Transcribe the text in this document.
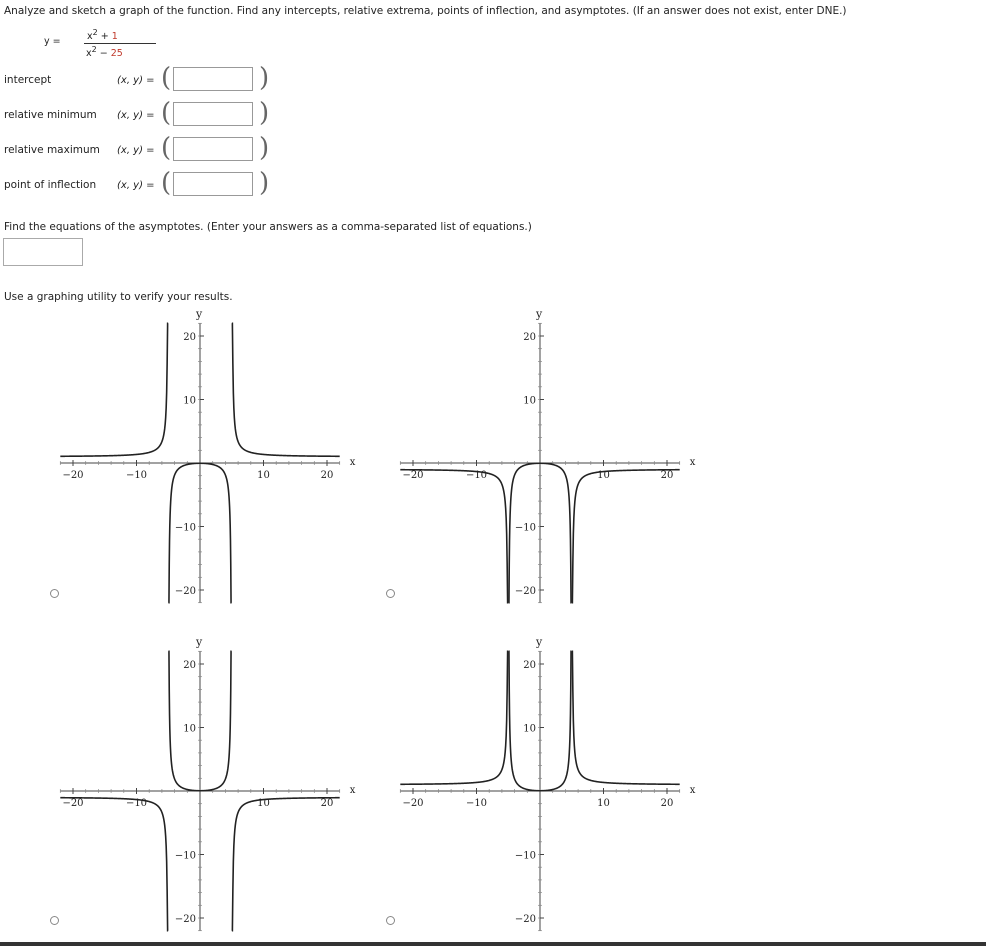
Analyze and sketch a graph of the function. Find any intercepts, relative extrema, points of inflection, and asymptotes. (If an answer does not exist, enter DNE.)
y =	$x^2 + 1$
$x^2 - 25$
intercept	(x, y) = (	)
relative minimum (x, y) = (	)
relative maximum (x, y) = (	)
point of inflection (x, y) = (	)
Find the equations of the asymptotes. (Enter your answers as a comma-separated list of equations.)
Use a graphing utility to verify your results.
x
y
−20	−10	10	20
20
10
−10
−20
x
y
−20	−10	10	20
20
10
−10
−20
x
y
−20	−10	10	20
20
10
−10
−20
x
y
−20	−10	10	20
20
10
−10
−20
